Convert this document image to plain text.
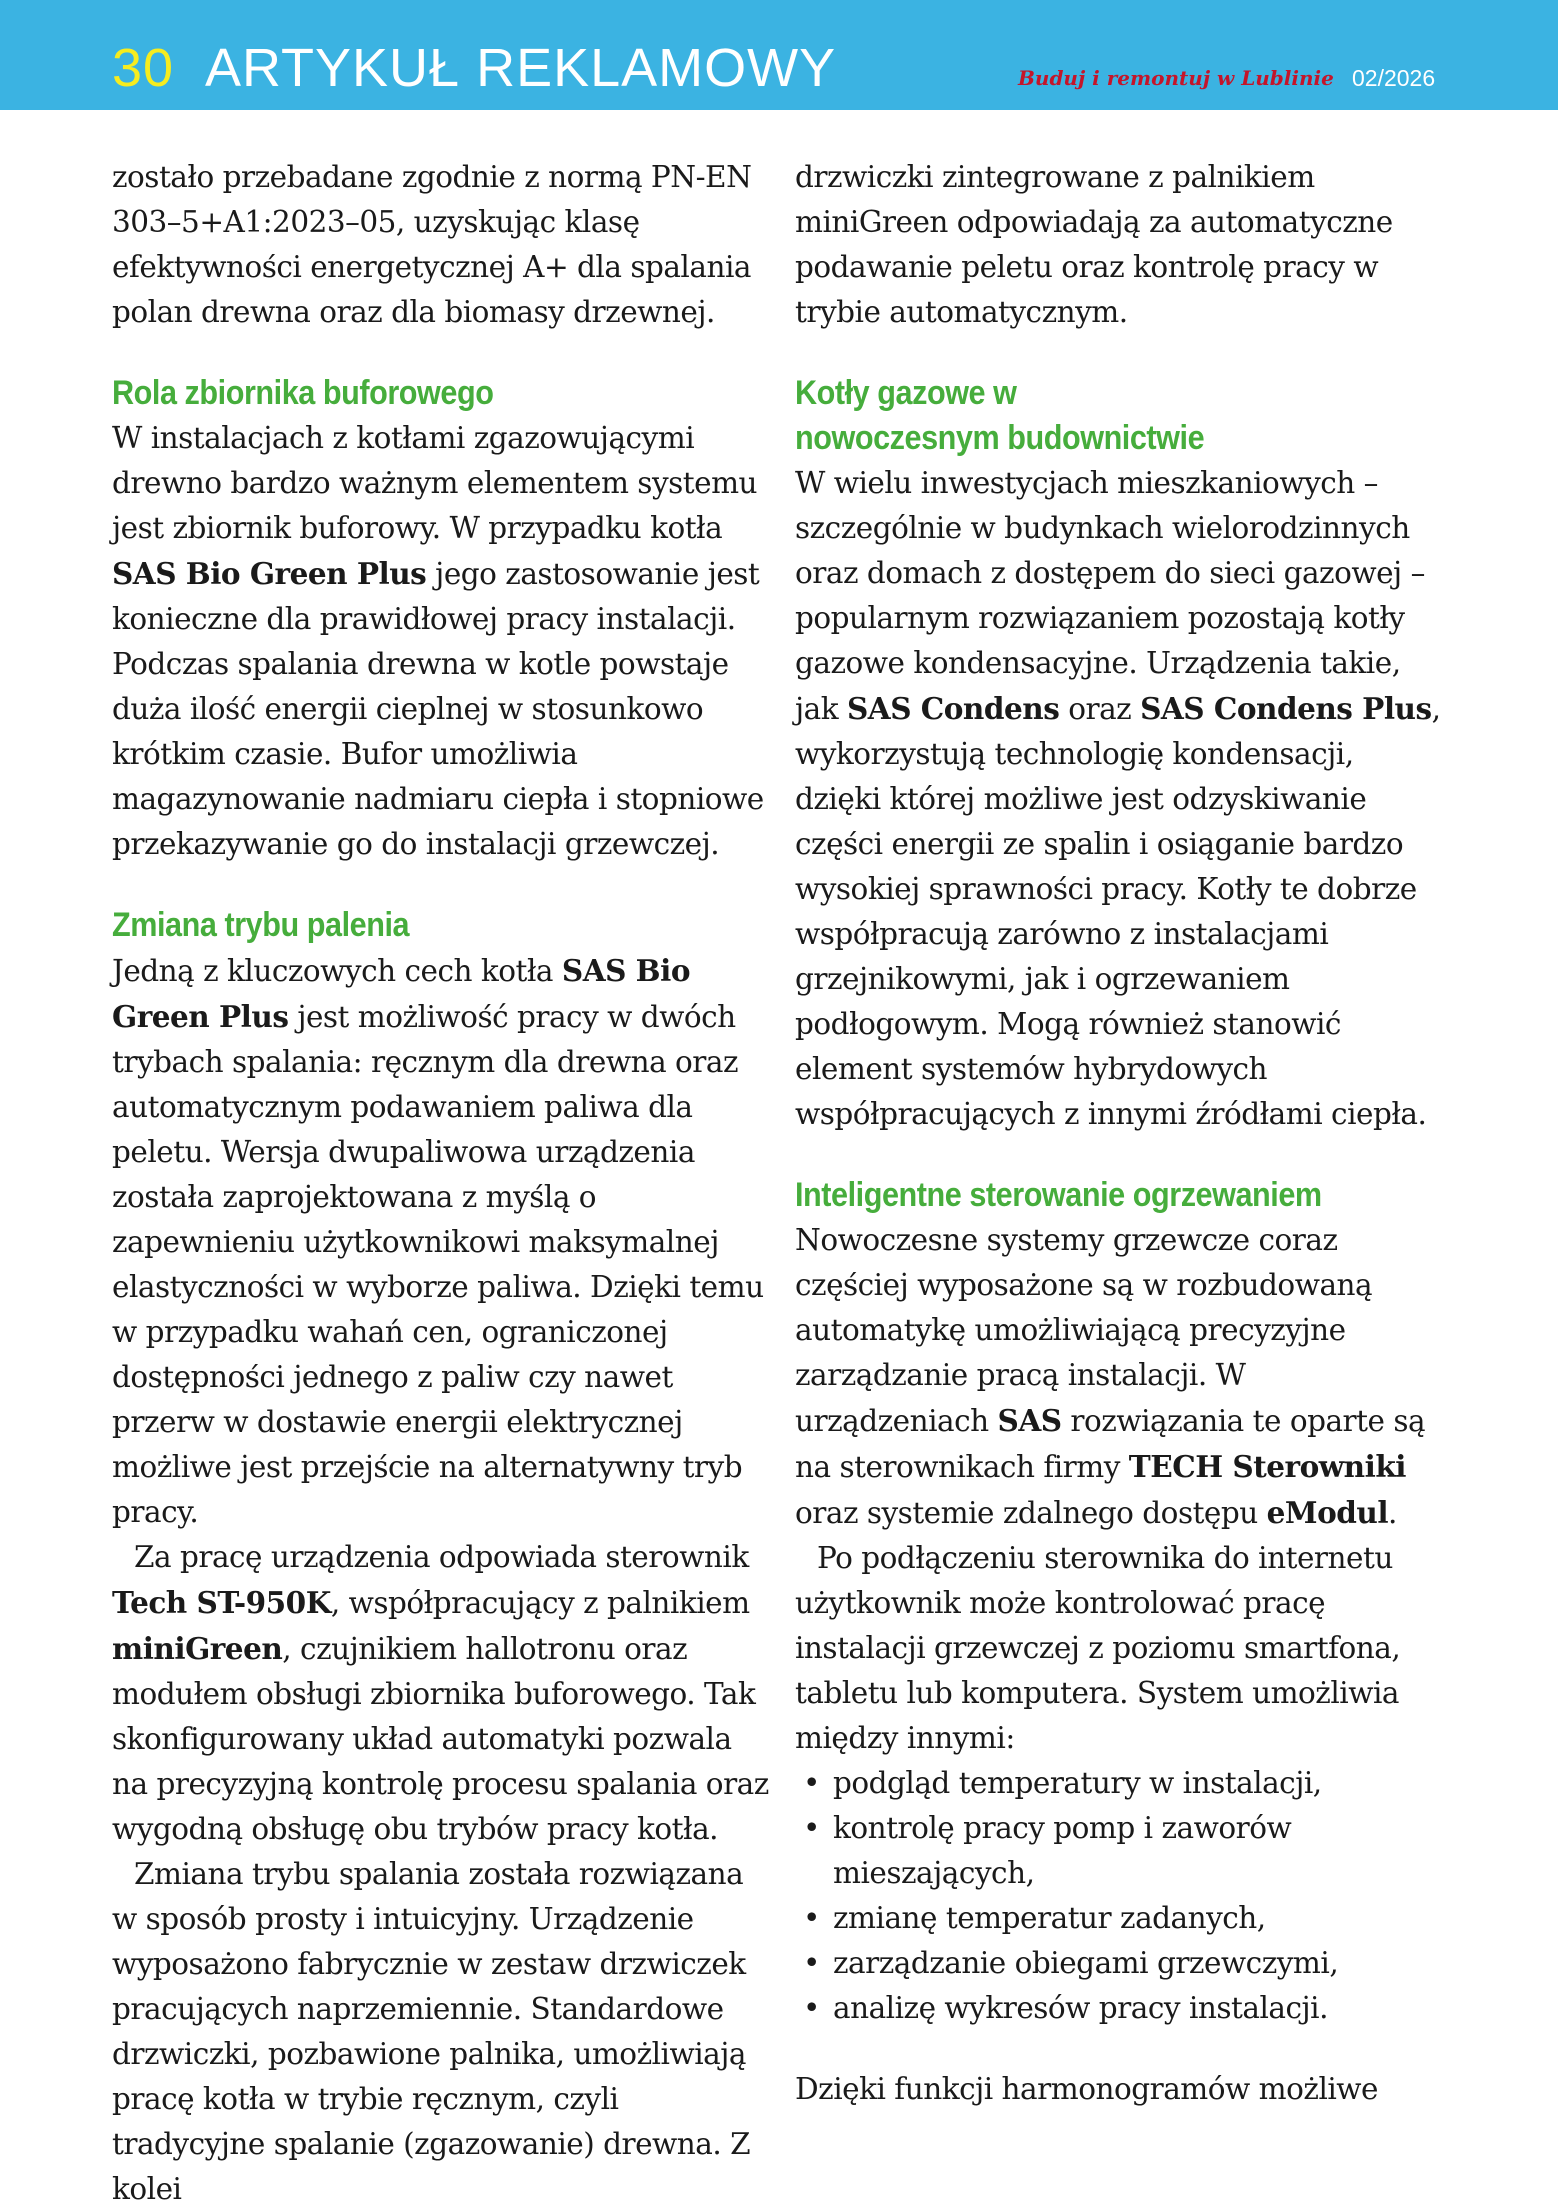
30 ARTYKUŁ REKLAMOWY	Buduj i remontuj w Lublinie 02/2026

zostało przebadane zgodnie z normą PN-EN 303–5+A1:2023–05, uzyskując klasę efektywności energetycznej A+ dla spalania polan drewna oraz dla biomasy drzewnej.

Rola zbiornika buforowego

W instalacjach z kotłami zgazowującymi drewno bardzo ważnym elementem systemu jest zbiornik buforowy. W przypadku kotła SAS Bio Green Plus jego zastosowanie jest konieczne dla prawidłowej pracy instalacji. Podczas spalania drewna w kotle powstaje duża ilość energii cieplnej w stosunkowo krótkim czasie. Bufor umożliwia magazynowanie nadmiaru ciepła i stopniowe przekazywanie go do instalacji grzewczej.

Zmiana trybu palenia

Jedną z kluczowych cech kotła SAS Bio Green Plus jest możliwość pracy w dwóch trybach spalania: ręcznym dla drewna oraz automatycznym podawaniem paliwa dla peletu. Wersja dwupaliwowa urządzenia została zaprojektowana z myślą o zapewnieniu użytkownikowi maksymalnej elastyczności w wyborze paliwa. Dzięki temu w przypadku wahań cen, ograniczonej dostępności jednego z paliw czy nawet przerw w dostawie energii elektrycznej możliwe jest przejście na alternatywny tryb pracy.

Za pracę urządzenia odpowiada sterownik Tech ST-950K, współpracujący z palnikiem miniGreen, czujnikiem hallotronu oraz modułem obsługi zbiornika buforowego. Tak skonfigurowany układ automatyki pozwala na precyzyjną kontrolę procesu spalania oraz wygodną obsługę obu trybów pracy kotła.

Zmiana trybu spalania została rozwiązana w sposób prosty i intuicyjny. Urządzenie wyposażono fabrycznie w zestaw drzwiczek pracujących naprzemiennie. Standardowe drzwiczki, pozbawione palnika, umożliwiają pracę kotła w trybie ręcznym, czyli tradycyjne spalanie (zgazowanie) drewna. Z kolei

drzwiczki zintegrowane z palnikiem miniGreen odpowiadają za automatyczne podawanie peletu oraz kontrolę pracy w trybie automatycznym.

Kotły gazowe w nowoczesnym budownictwie

W wielu inwestycjach mieszkaniowych – szczególnie w budynkach wielorodzinnych oraz domach z dostępem do sieci gazowej – popularnym rozwiązaniem pozostają kotły gazowe kondensacyjne. Urządzenia takie, jak SAS Condens oraz SAS Condens Plus, wykorzystują technologię kondensacji, dzięki której możliwe jest odzyskiwanie części energii ze spalin i osiąganie bardzo wysokiej sprawności pracy. Kotły te dobrze współpracują zarówno z instalacjami grzejnikowymi, jak i ogrzewaniem podłogowym. Mogą również stanowić element systemów hybrydowych współpracujących z innymi źródłami ciepła.

Inteligentne sterowanie ogrzewaniem

Nowoczesne systemy grzewcze coraz częściej wyposażone są w rozbudowaną automatykę umożliwiającą precyzyjne zarządzanie pracą instalacji. W urządzeniach SAS rozwiązania te oparte są na sterownikach firmy TECH Sterowniki oraz systemie zdalnego dostępu eModul.

Po podłączeniu sterownika do internetu użytkownik może kontrolować pracę instalacji grzewczej z poziomu smartfona, tabletu lub komputera. System umożliwia między innymi:

• podgląd temperatury w instalacji,
• kontrolę pracy pomp i zaworów mieszających,
• zmianę temperatur zadanych,
• zarządzanie obiegami grzewczymi,
• analizę wykresów pracy instalacji.

Dzięki funkcji harmonogramów możliwe
